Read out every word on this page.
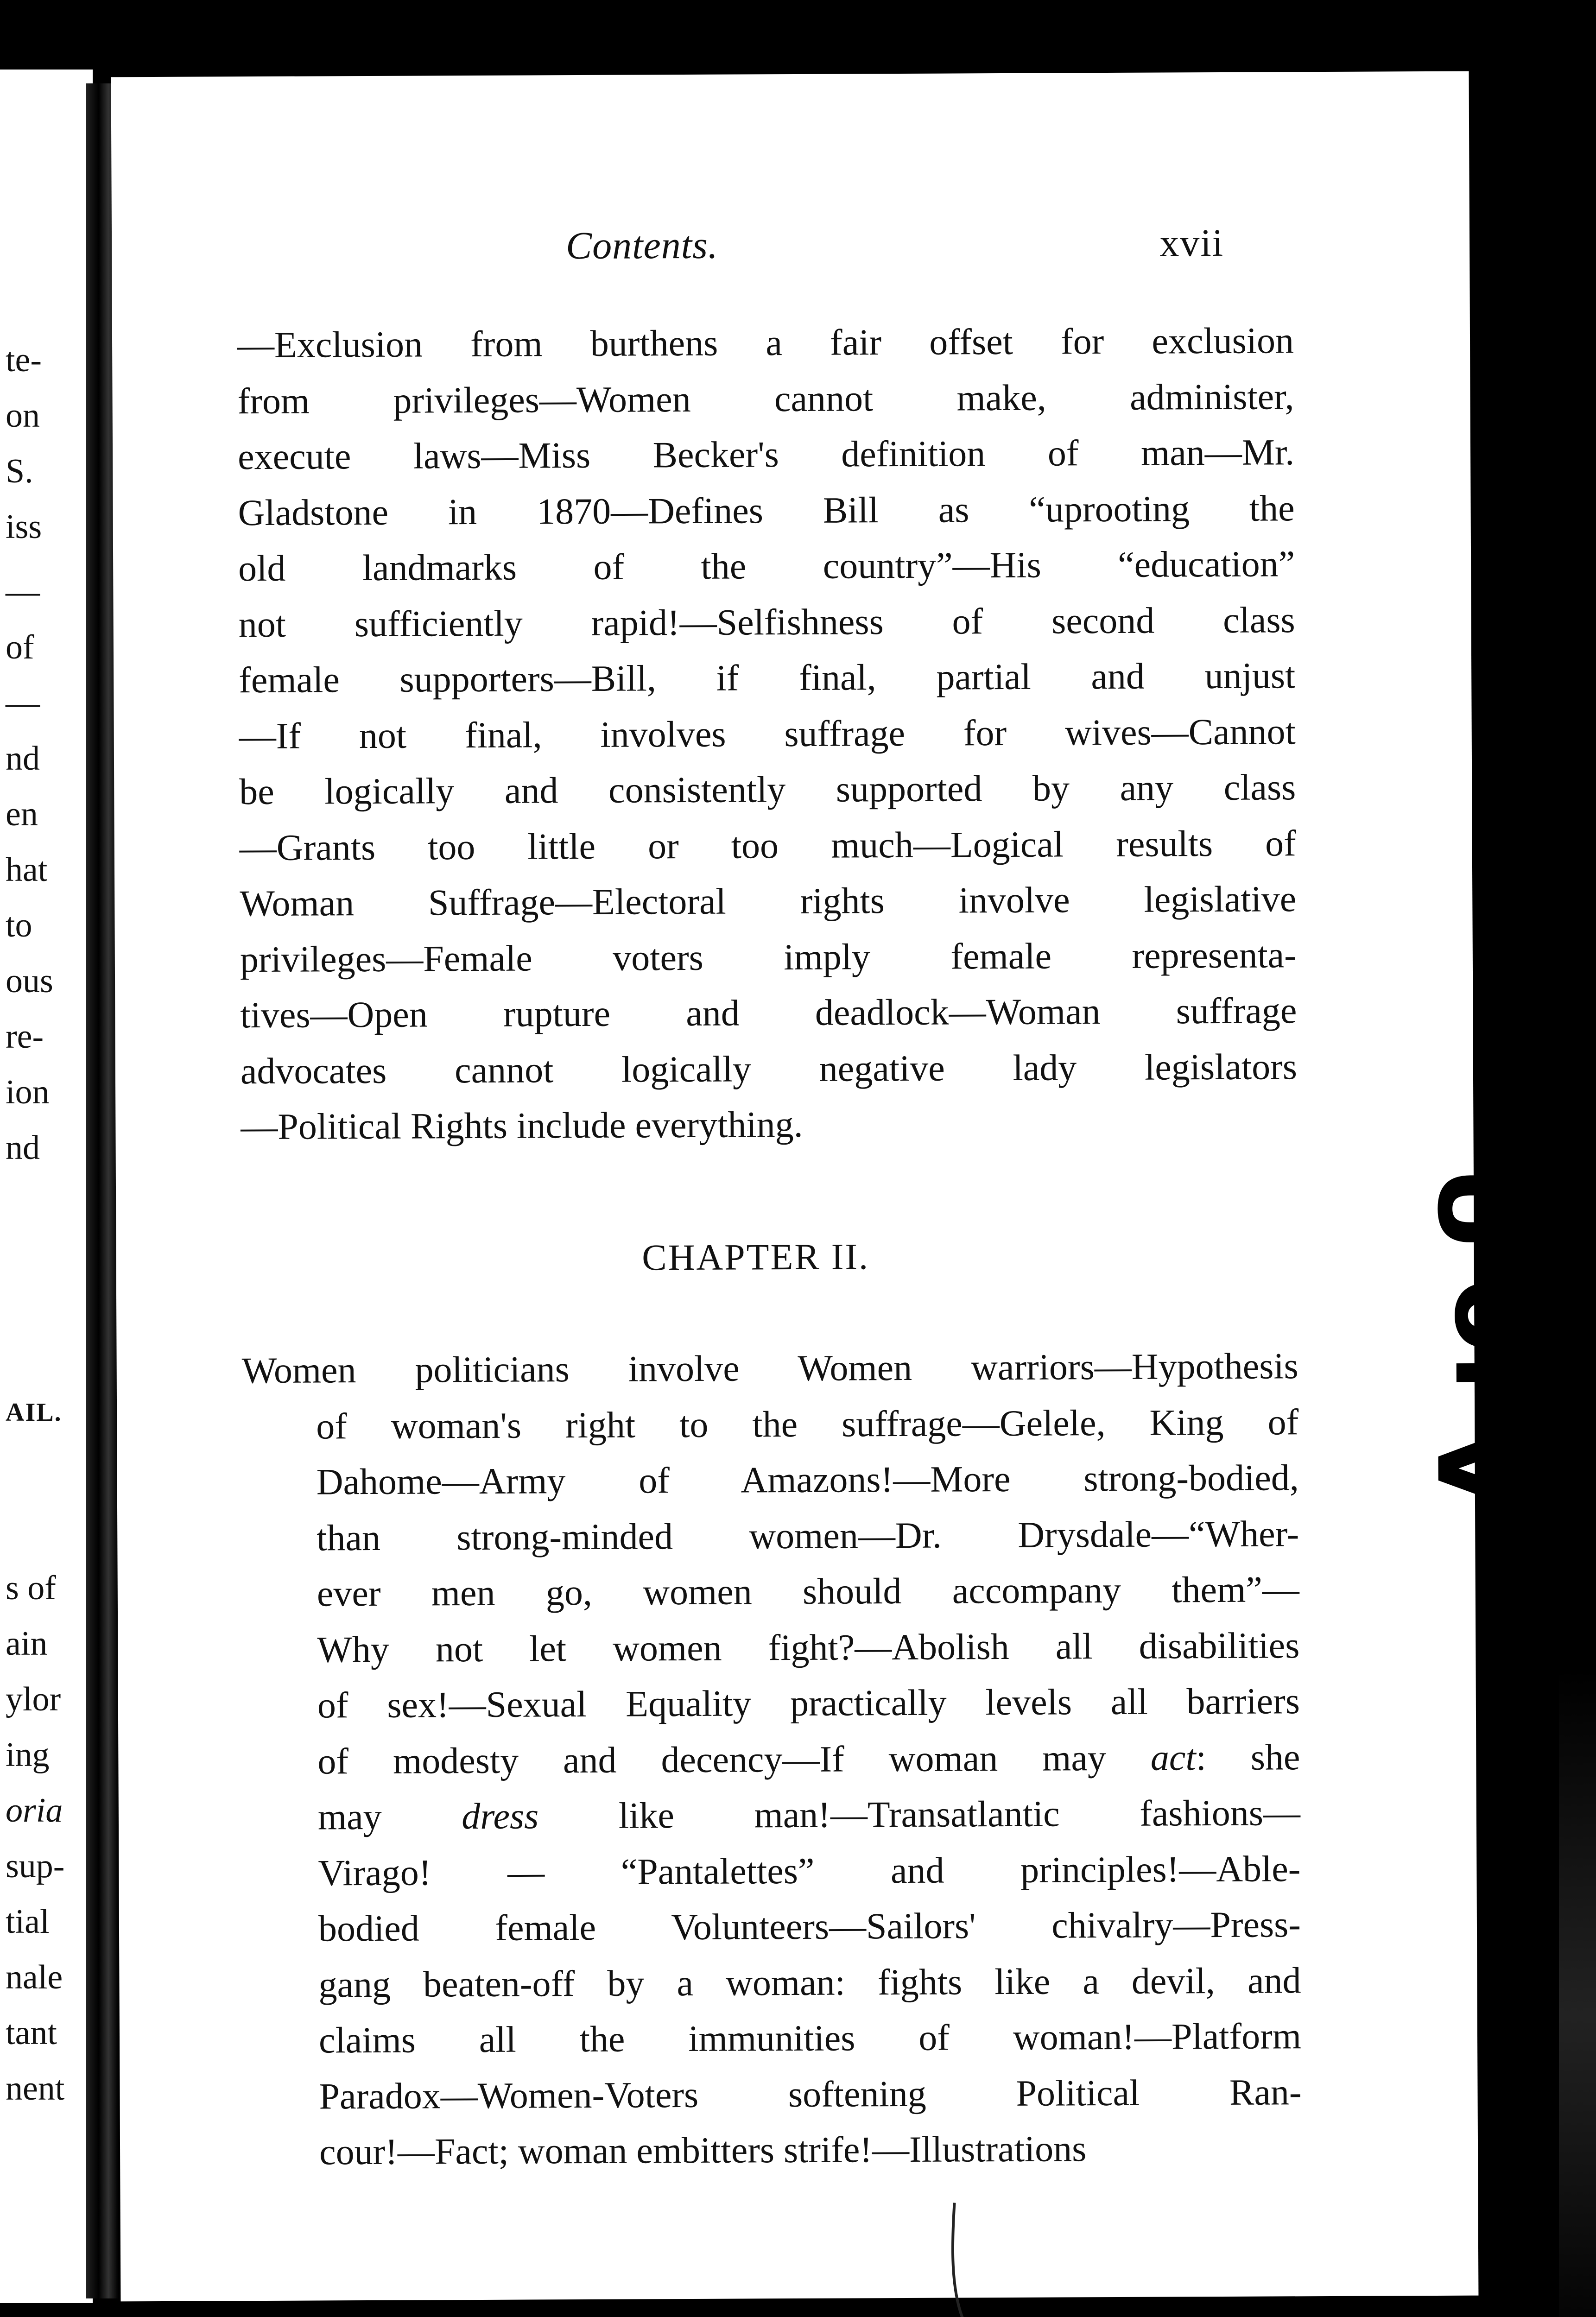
te-
on
S.
iss
—
of
—
nd
en
hat
to
ous
re-
ion
nd
AIL.
s of
ain
ylor
ing
oria
sup-
tial
nale
tant
nent
Contents.	xvii

—Exclusion from burthens a fair offset for exclusion
from privileges—Women cannot make, administer,
execute laws—Miss Becker's definition of man—Mr.
Gladstone in 1870—Defines Bill as “uprooting the
old landmarks of the country”—His “education”
not sufficiently rapid!—Selfishness of second class
female supporters—Bill, if final, partial and unjust
—If not final, involves suffrage for wives—Cannot
be logically and consistently supported by any class
—Grants too little or too much—Logical results of
Woman Suffrage—Electoral rights involve legislative
privileges—Female voters imply female representa-
tives—Open rupture and deadlock—Woman suffrage
advocates cannot logically negative lady legislators
—Political Rights include everything.

CHAPTER II.

Women politicians involve Women warriors—Hypothesis
of woman's right to the suffrage—Gelele, King of
Dahome—Army of Amazons!—More strong-bodied,
than strong-minded women—Dr. Drysdale—“Wher-
ever men go, women should accompany them”—
Why not let women fight?—Abolish all disabilities
of sex!—Sexual Equality practically levels all barriers
of modesty and decency—If woman may act: she
may dress like man!—Transatlantic fashions—
Virago! — “Pantalettes” and principles!—Able-
bodied female Volunteers—Sailors' chivalry—Press-
gang beaten-off by a woman: fights like a devil, and
claims all the immunities of woman!—Platform
Paradox—Women-Voters softening Political Ran-
cour!—Fact; woman embitters strife!—Illustrations

U
of
V
